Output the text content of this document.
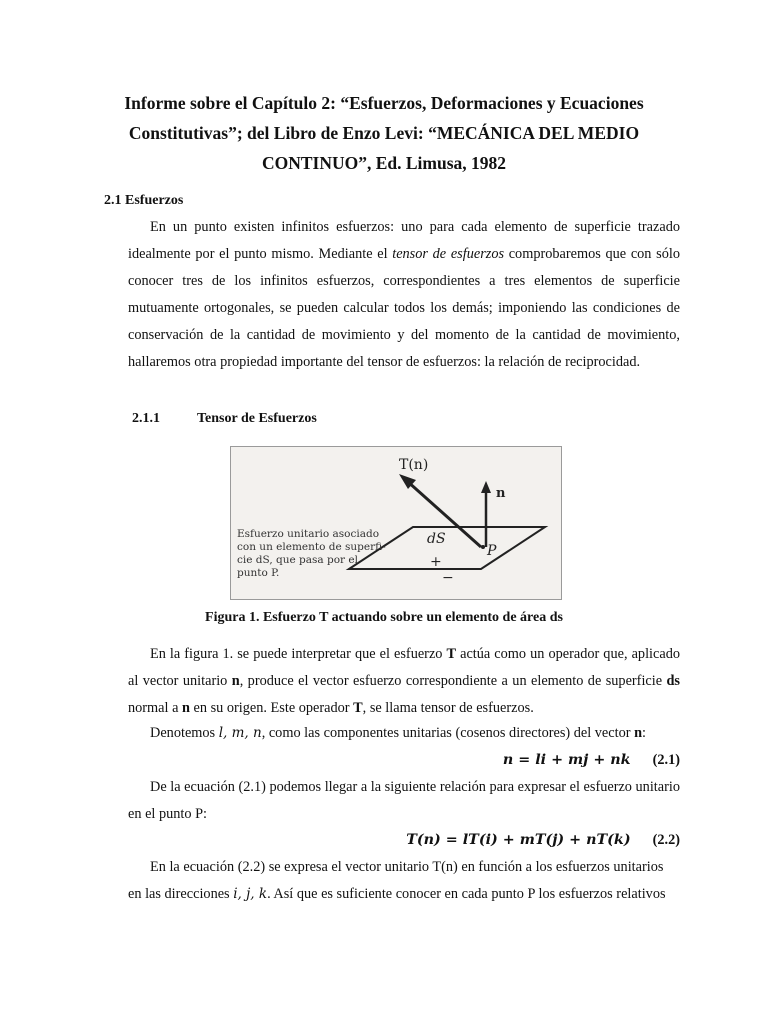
Informe sobre el Capítulo 2: “Esfuerzos, Deformaciones y Ecuaciones Constitutivas”; del Libro de Enzo Levi: “MECÁNICA DEL MEDIO CONTINUO”, Ed. Limusa, 1982
2.1 Esfuerzos

En un punto existen infinitos esfuerzos: uno para cada elemento de superficie trazado idealmente por el punto mismo. Mediante el tensor de esfuerzos comprobaremos que con sólo conocer tres de los infinitos esfuerzos, correspondientes a tres elementos de superficie mutuamente ortogonales, se pueden calcular todos los demás; imponiendo las condiciones de conservación de la cantidad de movimiento y del momento de la cantidad de movimiento, hallaremos otra propiedad importante del tensor de esfuerzos: la relación de reciprocidad.

2.1.1	Tensor de Esfuerzos
T(n)
n
dS
P
+
−
Esfuerzo unitario asociado
con un elemento de superfi-
cie dS, que pasa por el
punto P.
Figura 1. Esfuerzo T actuando sobre un elemento de área ds

En la figura 1. se puede interpretar que el esfuerzo T actúa como un operador que, aplicado al vector unitario n, produce el vector esfuerzo correspondiente a un elemento de superficie ds normal a n en su origen. Este operador T, se llama tensor de esfuerzos.

Denotemos l, m, n, como las componentes unitarias (cosenos directores) del vector n:
n = li + mj + nk (2.1)

De la ecuación (2.1) podemos llegar a la siguiente relación para expresar el esfuerzo unitario en el punto P:

T(n) = lT(i) + mT(j) + nT(k) (2.2)
En la ecuación (2.2) se expresa el vector unitario T(n) en función a los esfuerzos unitarios
en las direcciones i, j, k. Así que es suficiente conocer en cada punto P los esfuerzos relativos
